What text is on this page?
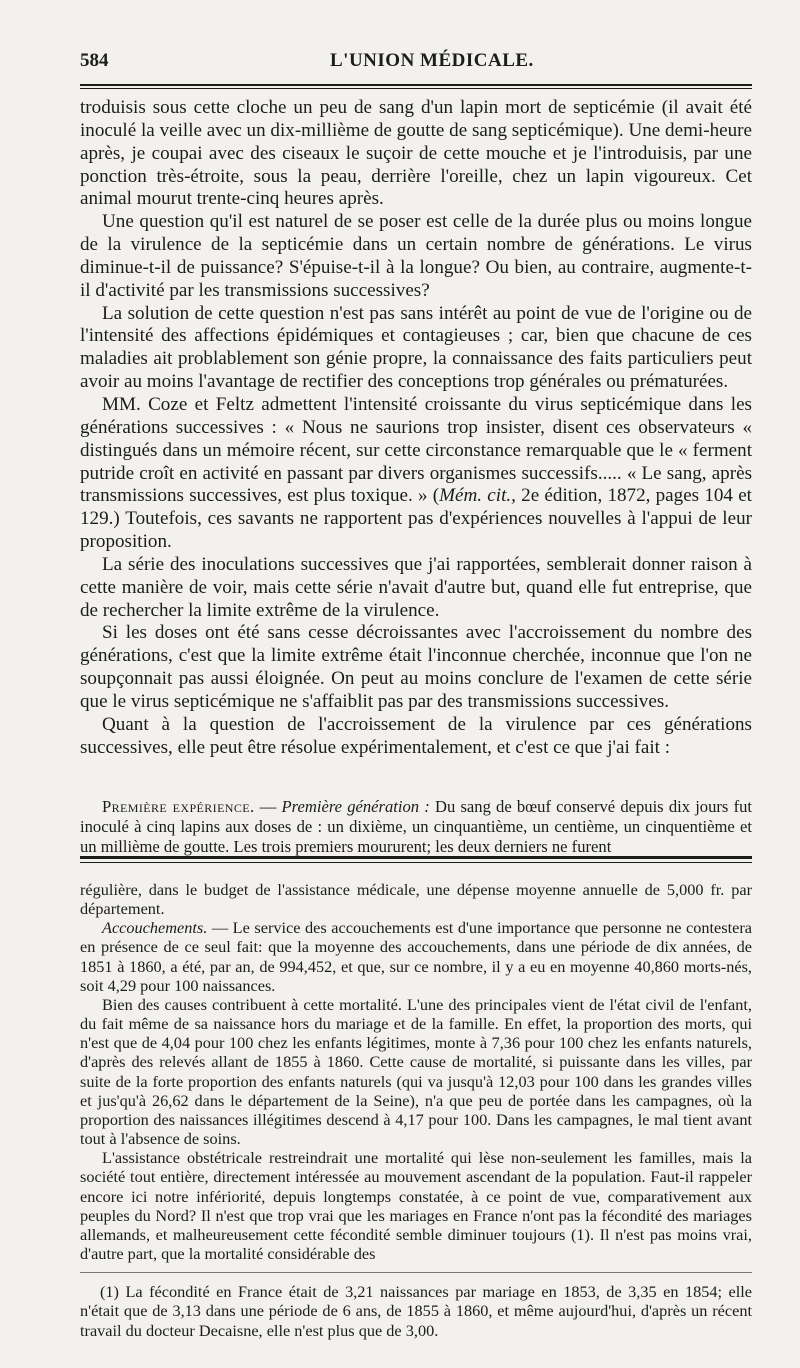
584	L'UNION MÉDICALE.

troduisis sous cette cloche un peu de sang d'un lapin mort de septicémie (il avait été inoculé la veille avec un dix-millième de goutte de sang septicémique). Une demi-heure après, je coupai avec des ciseaux le suçoir de cette mouche et je l'introduisis, par une ponction très-étroite, sous la peau, derrière l'oreille, chez un lapin vigoureux. Cet animal mourut trente-cinq heures après.

Une question qu'il est naturel de se poser est celle de la durée plus ou moins longue de la virulence de la septicémie dans un certain nombre de générations. Le virus diminue-t-il de puissance? S'épuise-t-il à la longue? Ou bien, au contraire, augmente-t-il d'activité par les transmissions successives?

La solution de cette question n'est pas sans intérêt au point de vue de l'origine ou de l'intensité des affections épidémiques et contagieuses ; car, bien que chacune de ces maladies ait problablement son génie propre, la connaissance des faits particuliers peut avoir au moins l'avantage de rectifier des conceptions trop générales ou prématurées.

MM. Coze et Feltz admettent l'intensité croissante du virus septicémique dans les générations successives : « Nous ne saurions trop insister, disent ces observateurs « distingués dans un mémoire récent, sur cette circonstance remarquable que le « ferment putride croît en activité en passant par divers organismes successifs..... « Le sang, après transmissions successives, est plus toxique. » (Mém. cit., 2e édition, 1872, pages 104 et 129.) Toutefois, ces savants ne rapportent pas d'expériences nouvelles à l'appui de leur proposition.

La série des inoculations successives que j'ai rapportées, semblerait donner raison à cette manière de voir, mais cette série n'avait d'autre but, quand elle fut entreprise, que de rechercher la limite extrême de la virulence.

Si les doses ont été sans cesse décroissantes avec l'accroissement du nombre des générations, c'est que la limite extrême était l'inconnue cherchée, inconnue que l'on ne soupçonnait pas aussi éloignée. On peut au moins conclure de l'examen de cette série que le virus septicémique ne s'affaiblit pas par des transmissions successives.

Quant à la question de l'accroissement de la virulence par ces générations successives, elle peut être résolue expérimentalement, et c'est ce que j'ai fait :

Première expérience. — Première génération : Du sang de bœuf conservé depuis dix jours fut inoculé à cinq lapins aux doses de : un dixième, un cinquantième, un centième, un cinquentième et un millième de goutte. Les trois premiers moururent; les deux derniers ne furent

régulière, dans le budget de l'assistance médicale, une dépense moyenne annuelle de 5,000 fr. par département.

Accouchements. — Le service des accouchements est d'une importance que personne ne contestera en présence de ce seul fait: que la moyenne des accouchements, dans une période de dix années, de 1851 à 1860, a été, par an, de 994,452, et que, sur ce nombre, il y a eu en moyenne 40,860 morts-nés, soit 4,29 pour 100 naissances.

Bien des causes contribuent à cette mortalité. L'une des principales vient de l'état civil de l'enfant, du fait même de sa naissance hors du mariage et de la famille. En effet, la proportion des morts, qui n'est que de 4,04 pour 100 chez les enfants légitimes, monte à 7,36 pour 100 chez les enfants naturels, d'après des relevés allant de 1855 à 1860. Cette cause de mortalité, si puissante dans les villes, par suite de la forte proportion des enfants naturels (qui va jusqu'à 12,03 pour 100 dans les grandes villes et jus'qu'à 26,62 dans le département de la Seine), n'a que peu de portée dans les campagnes, où la proportion des naissances illégitimes descend à 4,17 pour 100. Dans les campagnes, le mal tient avant tout à l'absence de soins.

L'assistance obstétricale restreindrait une mortalité qui lèse non-seulement les familles, mais la société tout entière, directement intéressée au mouvement ascendant de la population. Faut-il rappeler encore ici notre infériorité, depuis longtemps constatée, à ce point de vue, comparativement aux peuples du Nord? Il n'est que trop vrai que les mariages en France n'ont pas la fécondité des mariages allemands, et malheureusement cette fécondité semble diminuer toujours (1). Il n'est pas moins vrai, d'autre part, que la mortalité considérable des

(1) La fécondité en France était de 3,21 naissances par mariage en 1853, de 3,35 en 1854; elle n'était que de 3,13 dans une période de 6 ans, de 1855 à 1860, et même aujourd'hui, d'après un récent travail du docteur Decaisne, elle n'est plus que de 3,00.
